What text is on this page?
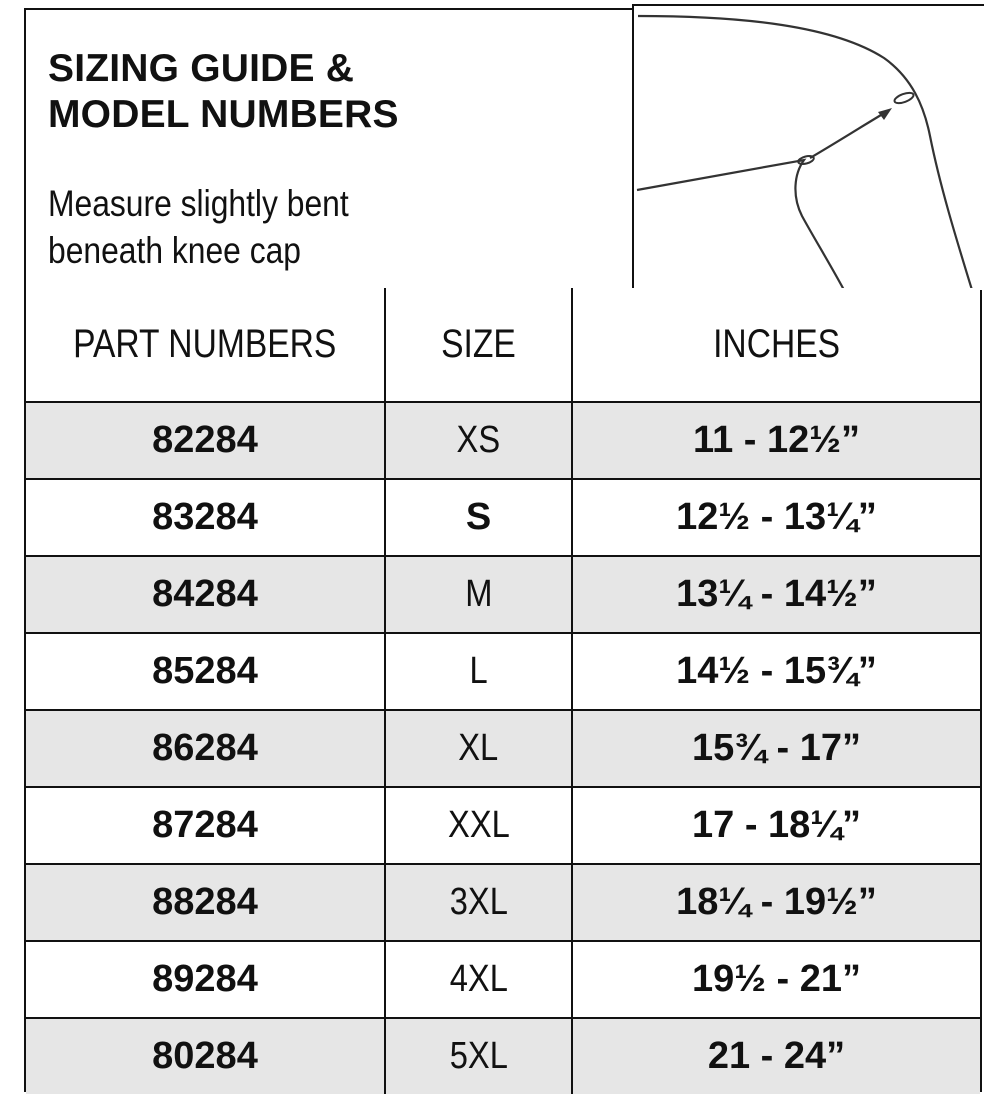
SIZING GUIDE &
MODEL NUMBERS
Measure slightly bent
beneath knee cap
PART NUMBERS	SIZE	INCHES
82284	XS	11 - 12½”
83284	S	12½ - 13¼”
84284	M	13¼ - 14½”
85284	L	14½ - 15¾”
86284	XL	15¾ - 17”
87284	XXL	17 - 18¼”
88284	3XL	18¼ - 19½”
89284	4XL	19½ - 21”
80284	5XL	21 - 24”
